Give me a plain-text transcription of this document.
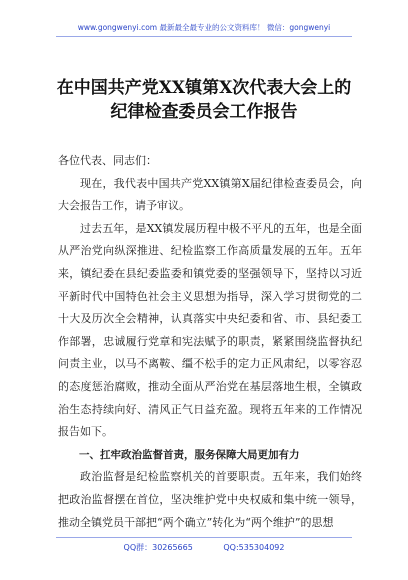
www.gongwenyi.com 最新最全最专业的公文资料库！ 微信：gongwenyi
在中国共产党XX镇第X次代表大会上的
纪律检查委员会工作报告

各位代表、同志们：

现在，我代表中国共产党XX镇第X届纪律检查委员会，向大会报告工作，请予审议。

过去五年，是XX镇发展历程中极不平凡的五年，也是全面从严治党向纵深推进、纪检监察工作高质量发展的五年。五年来，镇纪委在县纪委监委和镇党委的坚强领导下，坚持以习近平新时代中国特色社会主义思想为指导，深入学习贯彻党的二十大及历次全会精神，认真落实中央纪委和省、市、县纪委工作部署，忠诚履行党章和宪法赋予的职责，紧紧围绕监督执纪问责主业，以马不离鞍、缰不松手的定力正风肃纪，以零容忍的态度惩治腐败，推动全面从严治党在基层落地生根，全镇政治生态持续向好、清风正气日益充盈。现将五年来的工作情况报告如下。

一、扛牢政治监督首责，服务保障大局更加有力

政治监督是纪检监察机关的首要职责。五年来，我们始终把政治监督摆在首位，坚决维护党中央权威和集中统一领导，推动全镇党员干部把“两个确立”转化为“两个维护”的思想

QQ群：30265665	QQ:535304092
